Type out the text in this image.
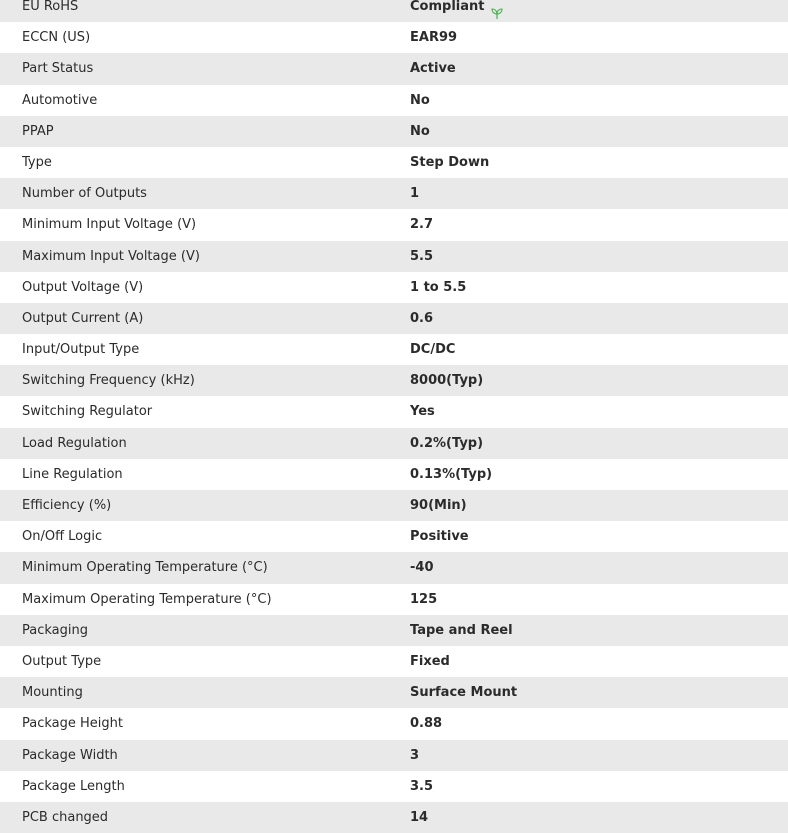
EU RoHS	Compliant
ECCN (US)	EAR99
Part Status	Active
Automotive	No
PPAP	No
Type	Step Down
Number of Outputs	1
Minimum Input Voltage (V)	2.7
Maximum Input Voltage (V)	5.5
Output Voltage (V)	1 to 5.5
Output Current (A)	0.6
Input/Output Type	DC/DC
Switching Frequency (kHz)	8000(Typ)
Switching Regulator	Yes
Load Regulation	0.2%(Typ)
Line Regulation	0.13%(Typ)
Efficiency (%)	90(Min)
On/Off Logic	Positive
Minimum Operating Temperature (°C)	-40
Maximum Operating Temperature (°C)	125
Packaging	Tape and Reel
Output Type	Fixed
Mounting	Surface Mount
Package Height	0.88
Package Width	3
Package Length	3.5
PCB changed	14
